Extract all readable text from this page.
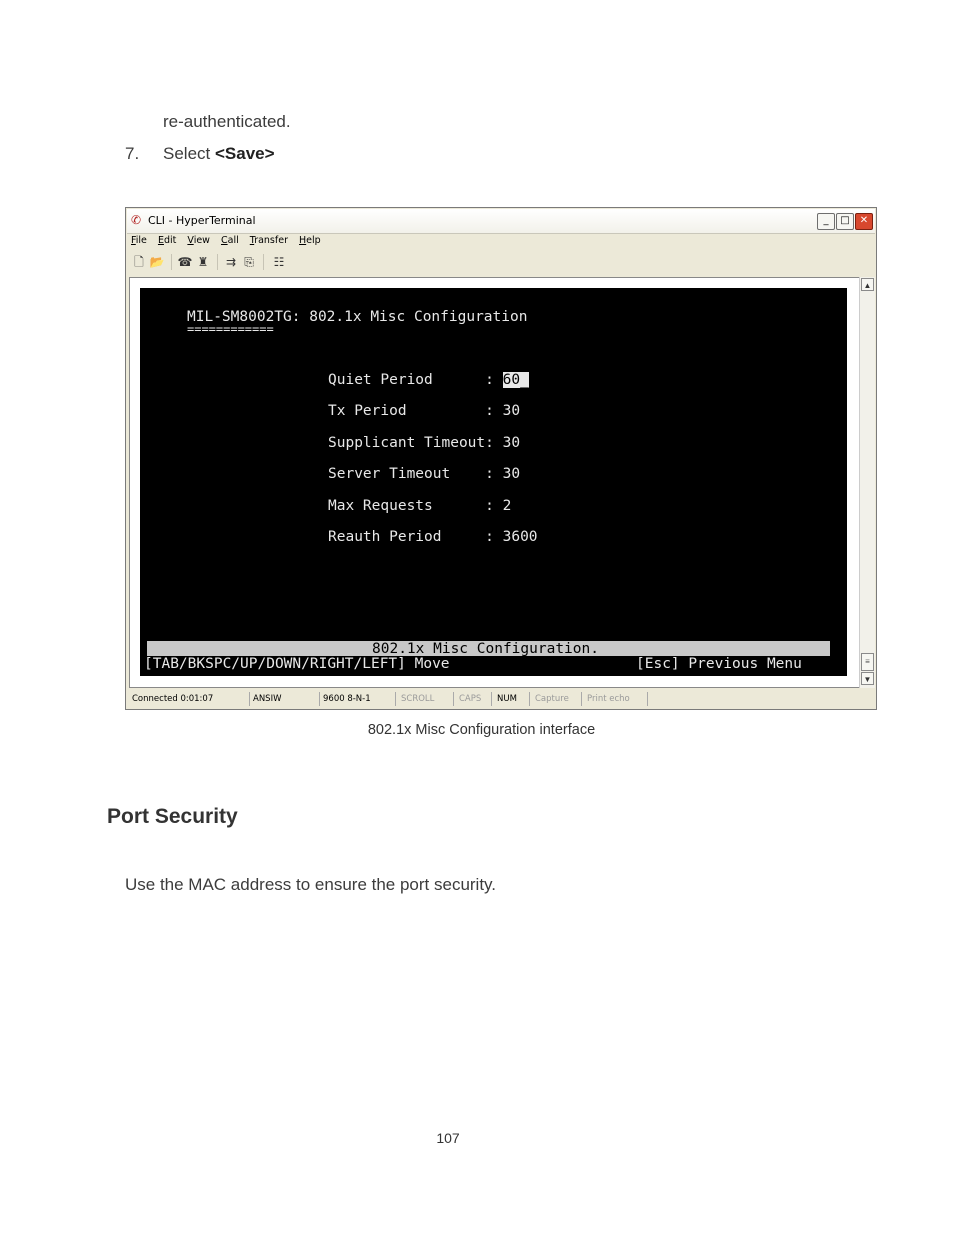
re-authenticated.
7. Select <Save>
✆ CLI - HyperTerminal	_	□	✕
File Edit View Call Transfer Help
🗋 📂 ☎ ♜ ⇉ ⎘ ☷
MIL-SM8002TG: 802.1x Misc Configuration
============
Quiet Period      : 60_
Tx Period         : 30
Supplicant Timeout: 30
Server Timeout    : 30
Max Requests      : 2
Reauth Period     : 3600
802.1x Misc Configuration.
[TAB/BKSPC/UP/DOWN/RIGHT/LEFT] Move	[Esc] Previous Menu
▲
≡
▼
Connected 0:01:07	ANSIW	9600 8-N-1	SCROLL	CAPS	NUM	Capture	Print echo
802.1x Misc Configuration interface
Port Security
Use the MAC address to ensure the port security.
107
